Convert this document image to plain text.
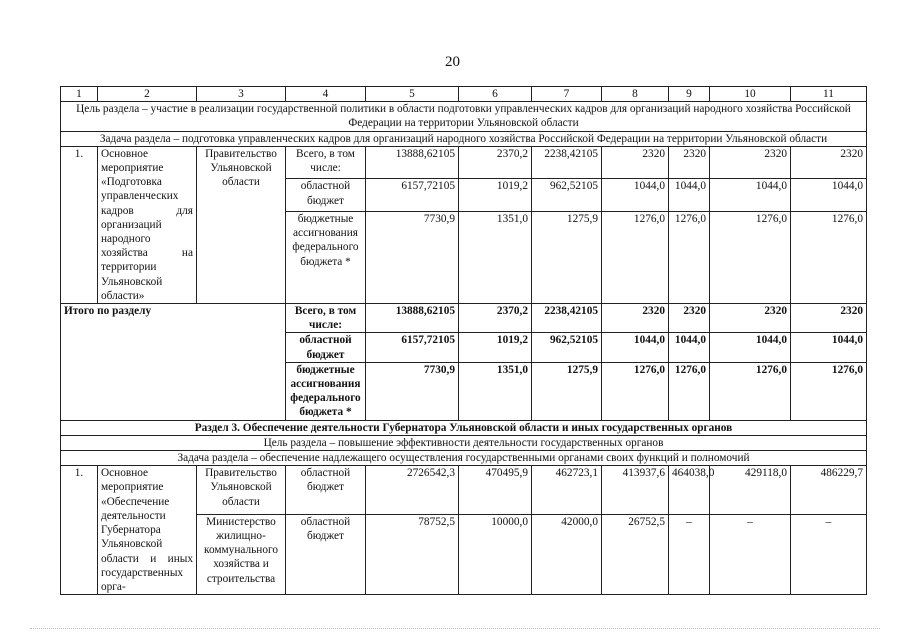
20
1	2	3	4	5	6	7	8	9	10	11
Цель раздела – участие в реализации государственной политики в области подготовки управленческих кадров для организаций народного хозяйства Российской Федерации на территории Ульяновской области										
Задача раздела – подготовка управленческих кадров для организаций народного хозяйства Российской Федерации на территории Ульяновской области										
1.	Основное мероприятие «Подготовка управленческих кадров для организаций народного хозяйства на территории Ульяновской области»	Правительство Ульяновской области	Всего, в том числе:	13888,62105	2370,2	2238,42105	2320	2320	2320	2320
			областной бюджет	6157,72105	1019,2	962,52105	1044,0	1044,0	1044,0	1044,0
			бюджетные ассигнования федерального бюджета *	7730,9	1351,0	1275,9	1276,0	1276,0	1276,0	1276,0
Итого по разделу			Всего, в том числе:	13888,62105	2370,2	2238,42105	2320	2320	2320	2320
			областной бюджет	6157,72105	1019,2	962,52105	1044,0	1044,0	1044,0	1044,0
			бюджетные ассигнования федерального бюджета *	7730,9	1351,0	1275,9	1276,0	1276,0	1276,0	1276,0
Раздел 3. Обеспечение деятельности Губернатора Ульяновской области и иных государственных органов										
Цель раздела – повышение эффективности деятельности государственных органов										
Задача раздела – обеспечение надлежащего осуществления государственными органами своих функций и полномочий										
1.	Основное мероприятие «Обеспечение деятельности Губернатора Ульяновской области и иных государственных орга-	Правительство Ульяновской области	областной бюджет	2726542,3	470495,9	462723,1	413937,6	464038,0	429118,0	486229,7
		Министерство жилищно-коммунального хозяйства и строительства	областной бюджет	78752,5	10000,0	42000,0	26752,5	–	–	–
